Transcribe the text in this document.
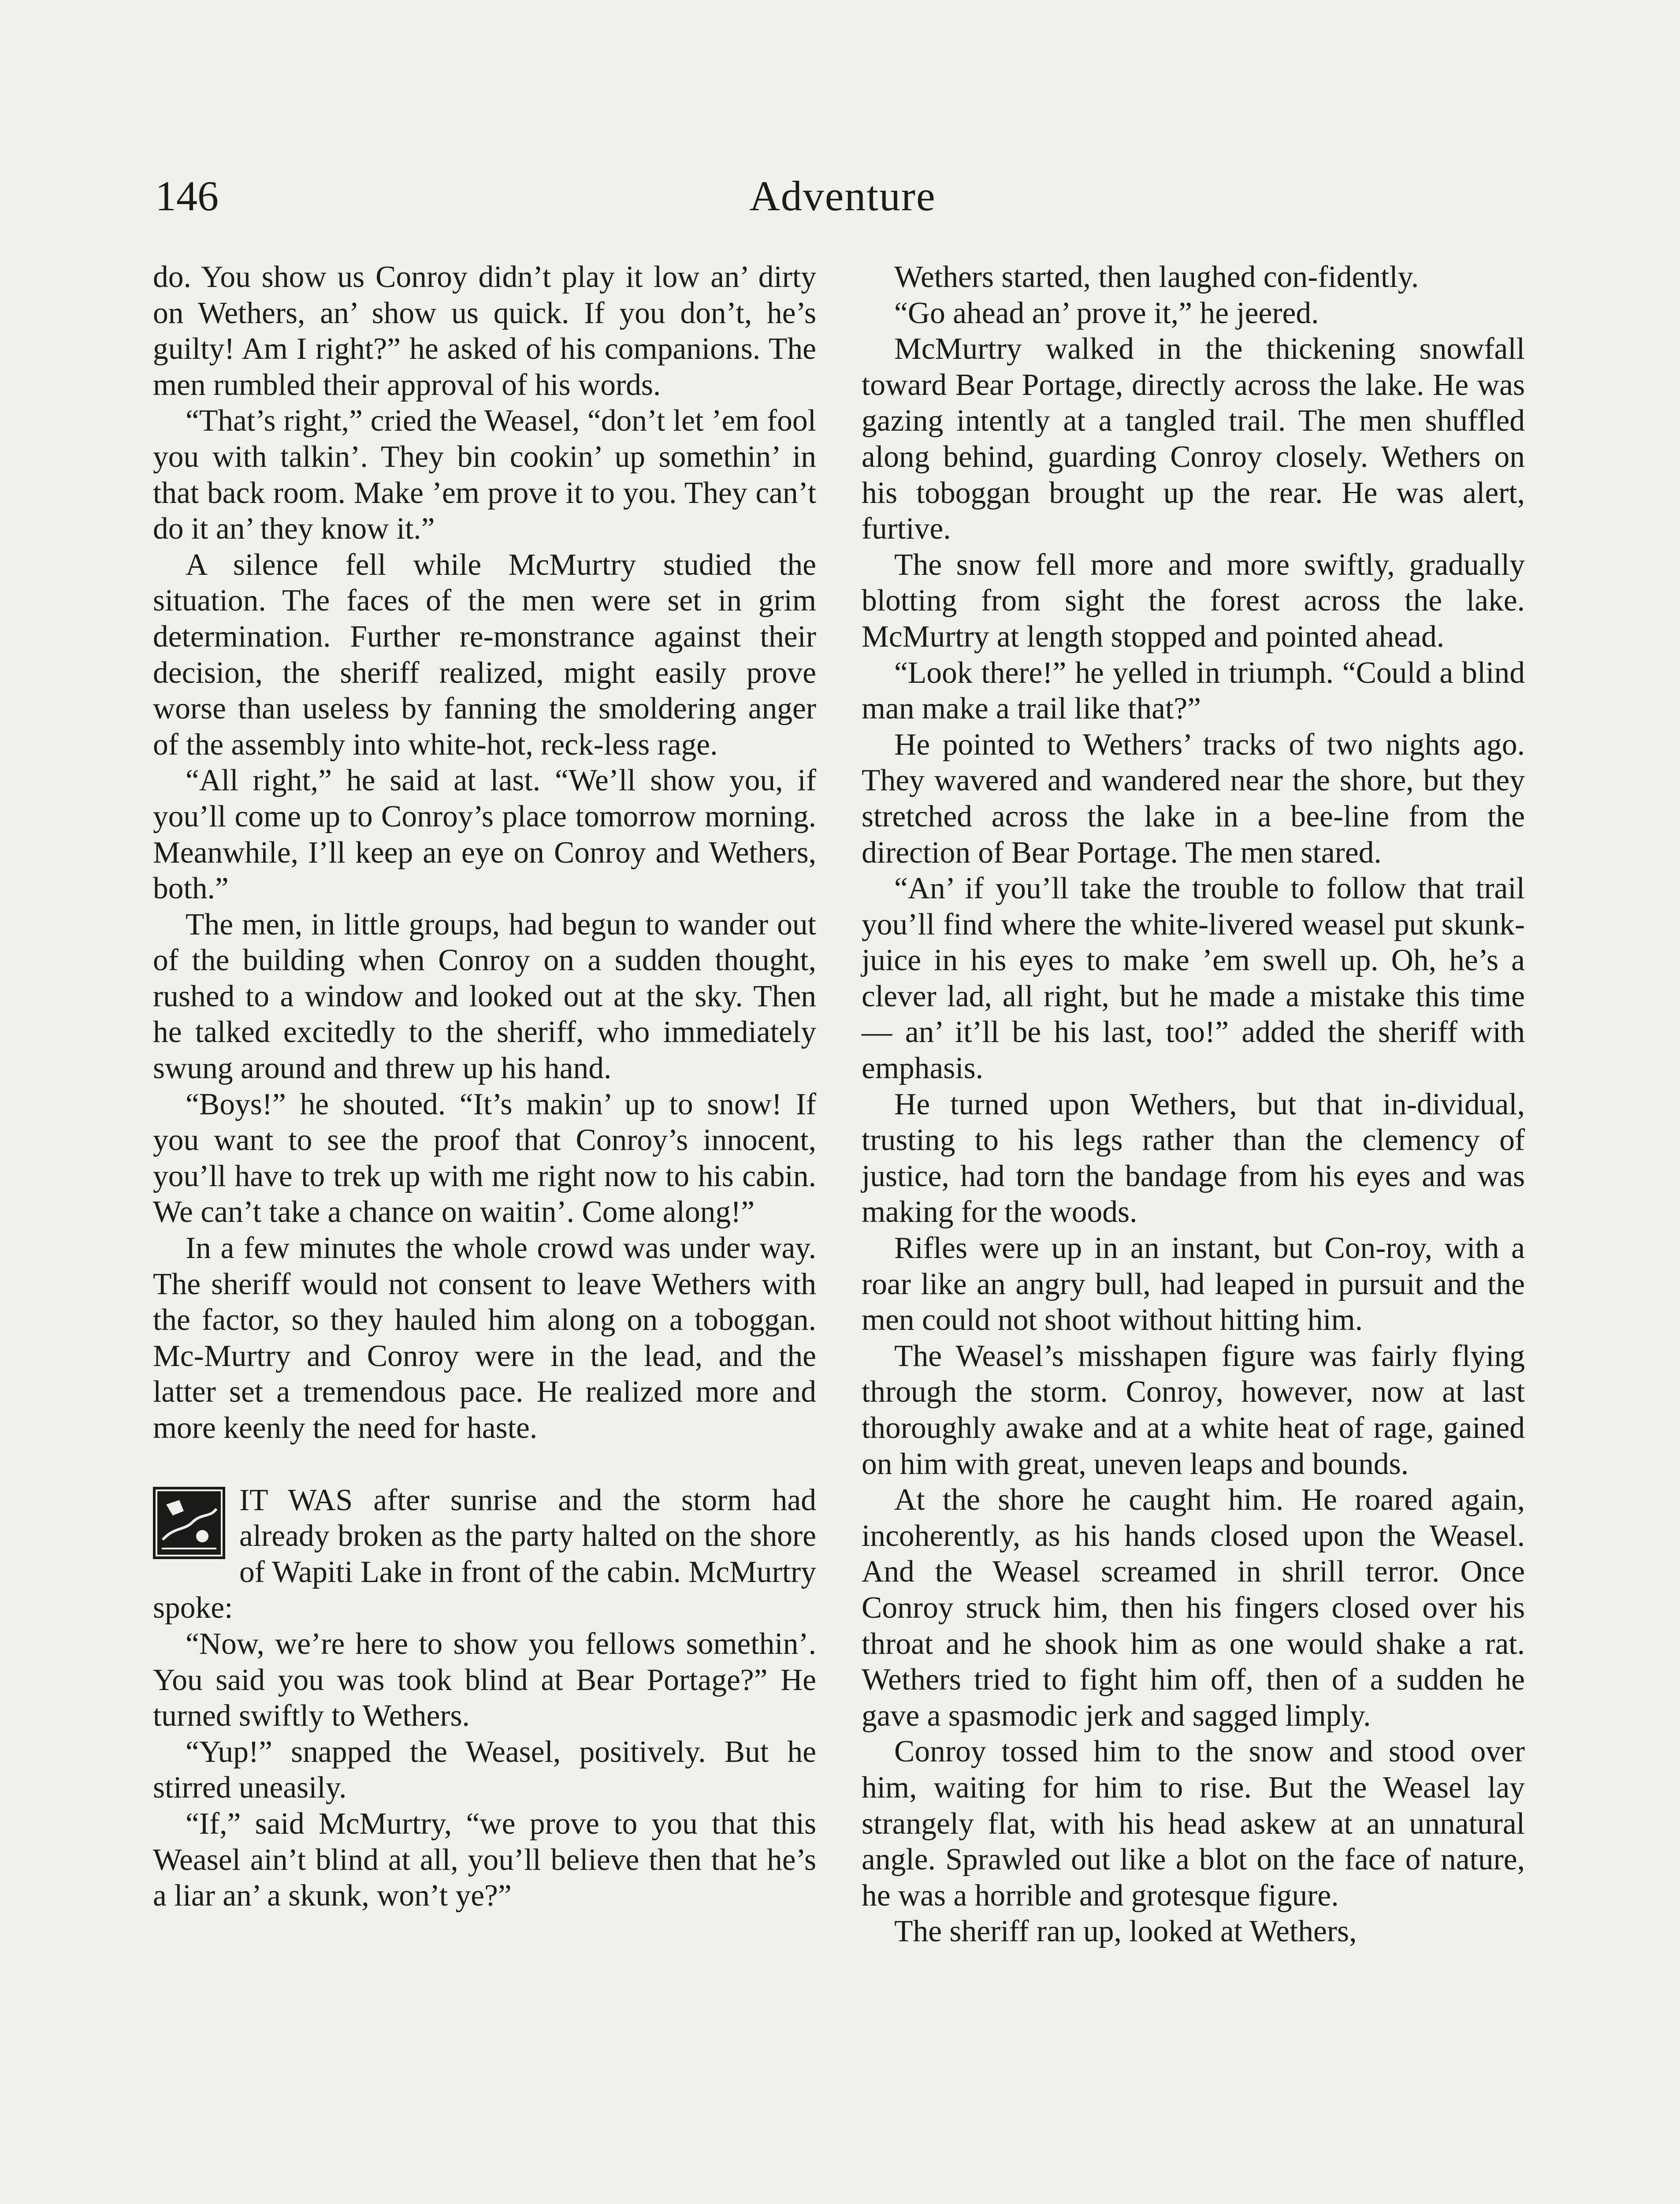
146	Adventure

do. You show us Conroy didn’t play it low an’ dirty on Wethers, an’ show us quick. If you don’t, he’s guilty! Am I right?” he asked of his companions. The men rumbled their approval of his words.

“That’s right,” cried the Weasel, “don’t let ’em fool you with talkin’. They bin cookin’ up somethin’ in that back room. Make ’em prove it to you. They can’t do it an’ they know it.”

A silence fell while McMurtry studied the situation. The faces of the men were set in grim determination. Further re-monstrance against their decision, the sheriff realized, might easily prove worse than useless by fanning the smoldering anger of the assembly into white-hot, reck-less rage.

“All right,” he said at last. “We’ll show you, if you’ll come up to Conroy’s place tomorrow morning. Meanwhile, I’ll keep an eye on Conroy and Wethers, both.”

The men, in little groups, had begun to wander out of the building when Conroy on a sudden thought, rushed to a window and looked out at the sky. Then he talked excitedly to the sheriff, who immediately swung around and threw up his hand.

“Boys!” he shouted. “It’s makin’ up to snow! If you want to see the proof that Conroy’s innocent, you’ll have to trek up with me right now to his cabin. We can’t take a chance on waitin’. Come along!”

In a few minutes the whole crowd was under way. The sheriff would not consent to leave Wethers with the factor, so they hauled him along on a toboggan. Mc-Murtry and Conroy were in the lead, and the latter set a tremendous pace. He realized more and more keenly the need for haste.

IT WAS after sunrise and the storm had already broken as the party halted on the shore of Wapiti Lake in front of the cabin. McMurtry spoke:

“Now, we’re here to show you fellows somethin’. You said you was took blind at Bear Portage?” He turned swiftly to Wethers.

“Yup!” snapped the Weasel, positively. But he stirred uneasily.

“If,” said McMurtry, “we prove to you that this Weasel ain’t blind at all, you’ll believe then that he’s a liar an’ a skunk, won’t ye?”

Wethers started, then laughed con-fidently.

“Go ahead an’ prove it,” he jeered.

McMurtry walked in the thickening snowfall toward Bear Portage, directly across the lake. He was gazing intently at a tangled trail. The men shuffled along behind, guarding Conroy closely. Wethers on his toboggan brought up the rear. He was alert, furtive.

The snow fell more and more swiftly, gradually blotting from sight the forest across the lake. McMurtry at length stopped and pointed ahead.

“Look there!” he yelled in triumph. “Could a blind man make a trail like that?”

He pointed to Wethers’ tracks of two nights ago. They wavered and wandered near the shore, but they stretched across the lake in a bee-line from the direction of Bear Portage. The men stared.

“An’ if you’ll take the trouble to follow that trail you’ll find where the white-livered weasel put skunk-juice in his eyes to make ’em swell up. Oh, he’s a clever lad, all right, but he made a mistake this time— an’ it’ll be his last, too!” added the sheriff with emphasis.

He turned upon Wethers, but that in-dividual, trusting to his legs rather than the clemency of justice, had torn the bandage from his eyes and was making for the woods.

Rifles were up in an instant, but Con-roy, with a roar like an angry bull, had leaped in pursuit and the men could not shoot without hitting him.

The Weasel’s misshapen figure was fairly flying through the storm. Conroy, however, now at last thoroughly awake and at a white heat of rage, gained on him with great, uneven leaps and bounds.

At the shore he caught him. He roared again, incoherently, as his hands closed upon the Weasel. And the Weasel screamed in shrill terror. Once Conroy struck him, then his fingers closed over his throat and he shook him as one would shake a rat. Wethers tried to fight him off, then of a sudden he gave a spasmodic jerk and sagged limply.

Conroy tossed him to the snow and stood over him, waiting for him to rise. But the Weasel lay strangely flat, with his head askew at an unnatural angle. Sprawled out like a blot on the face of nature, he was a horrible and grotesque figure.

The sheriff ran up, looked at Wethers,
